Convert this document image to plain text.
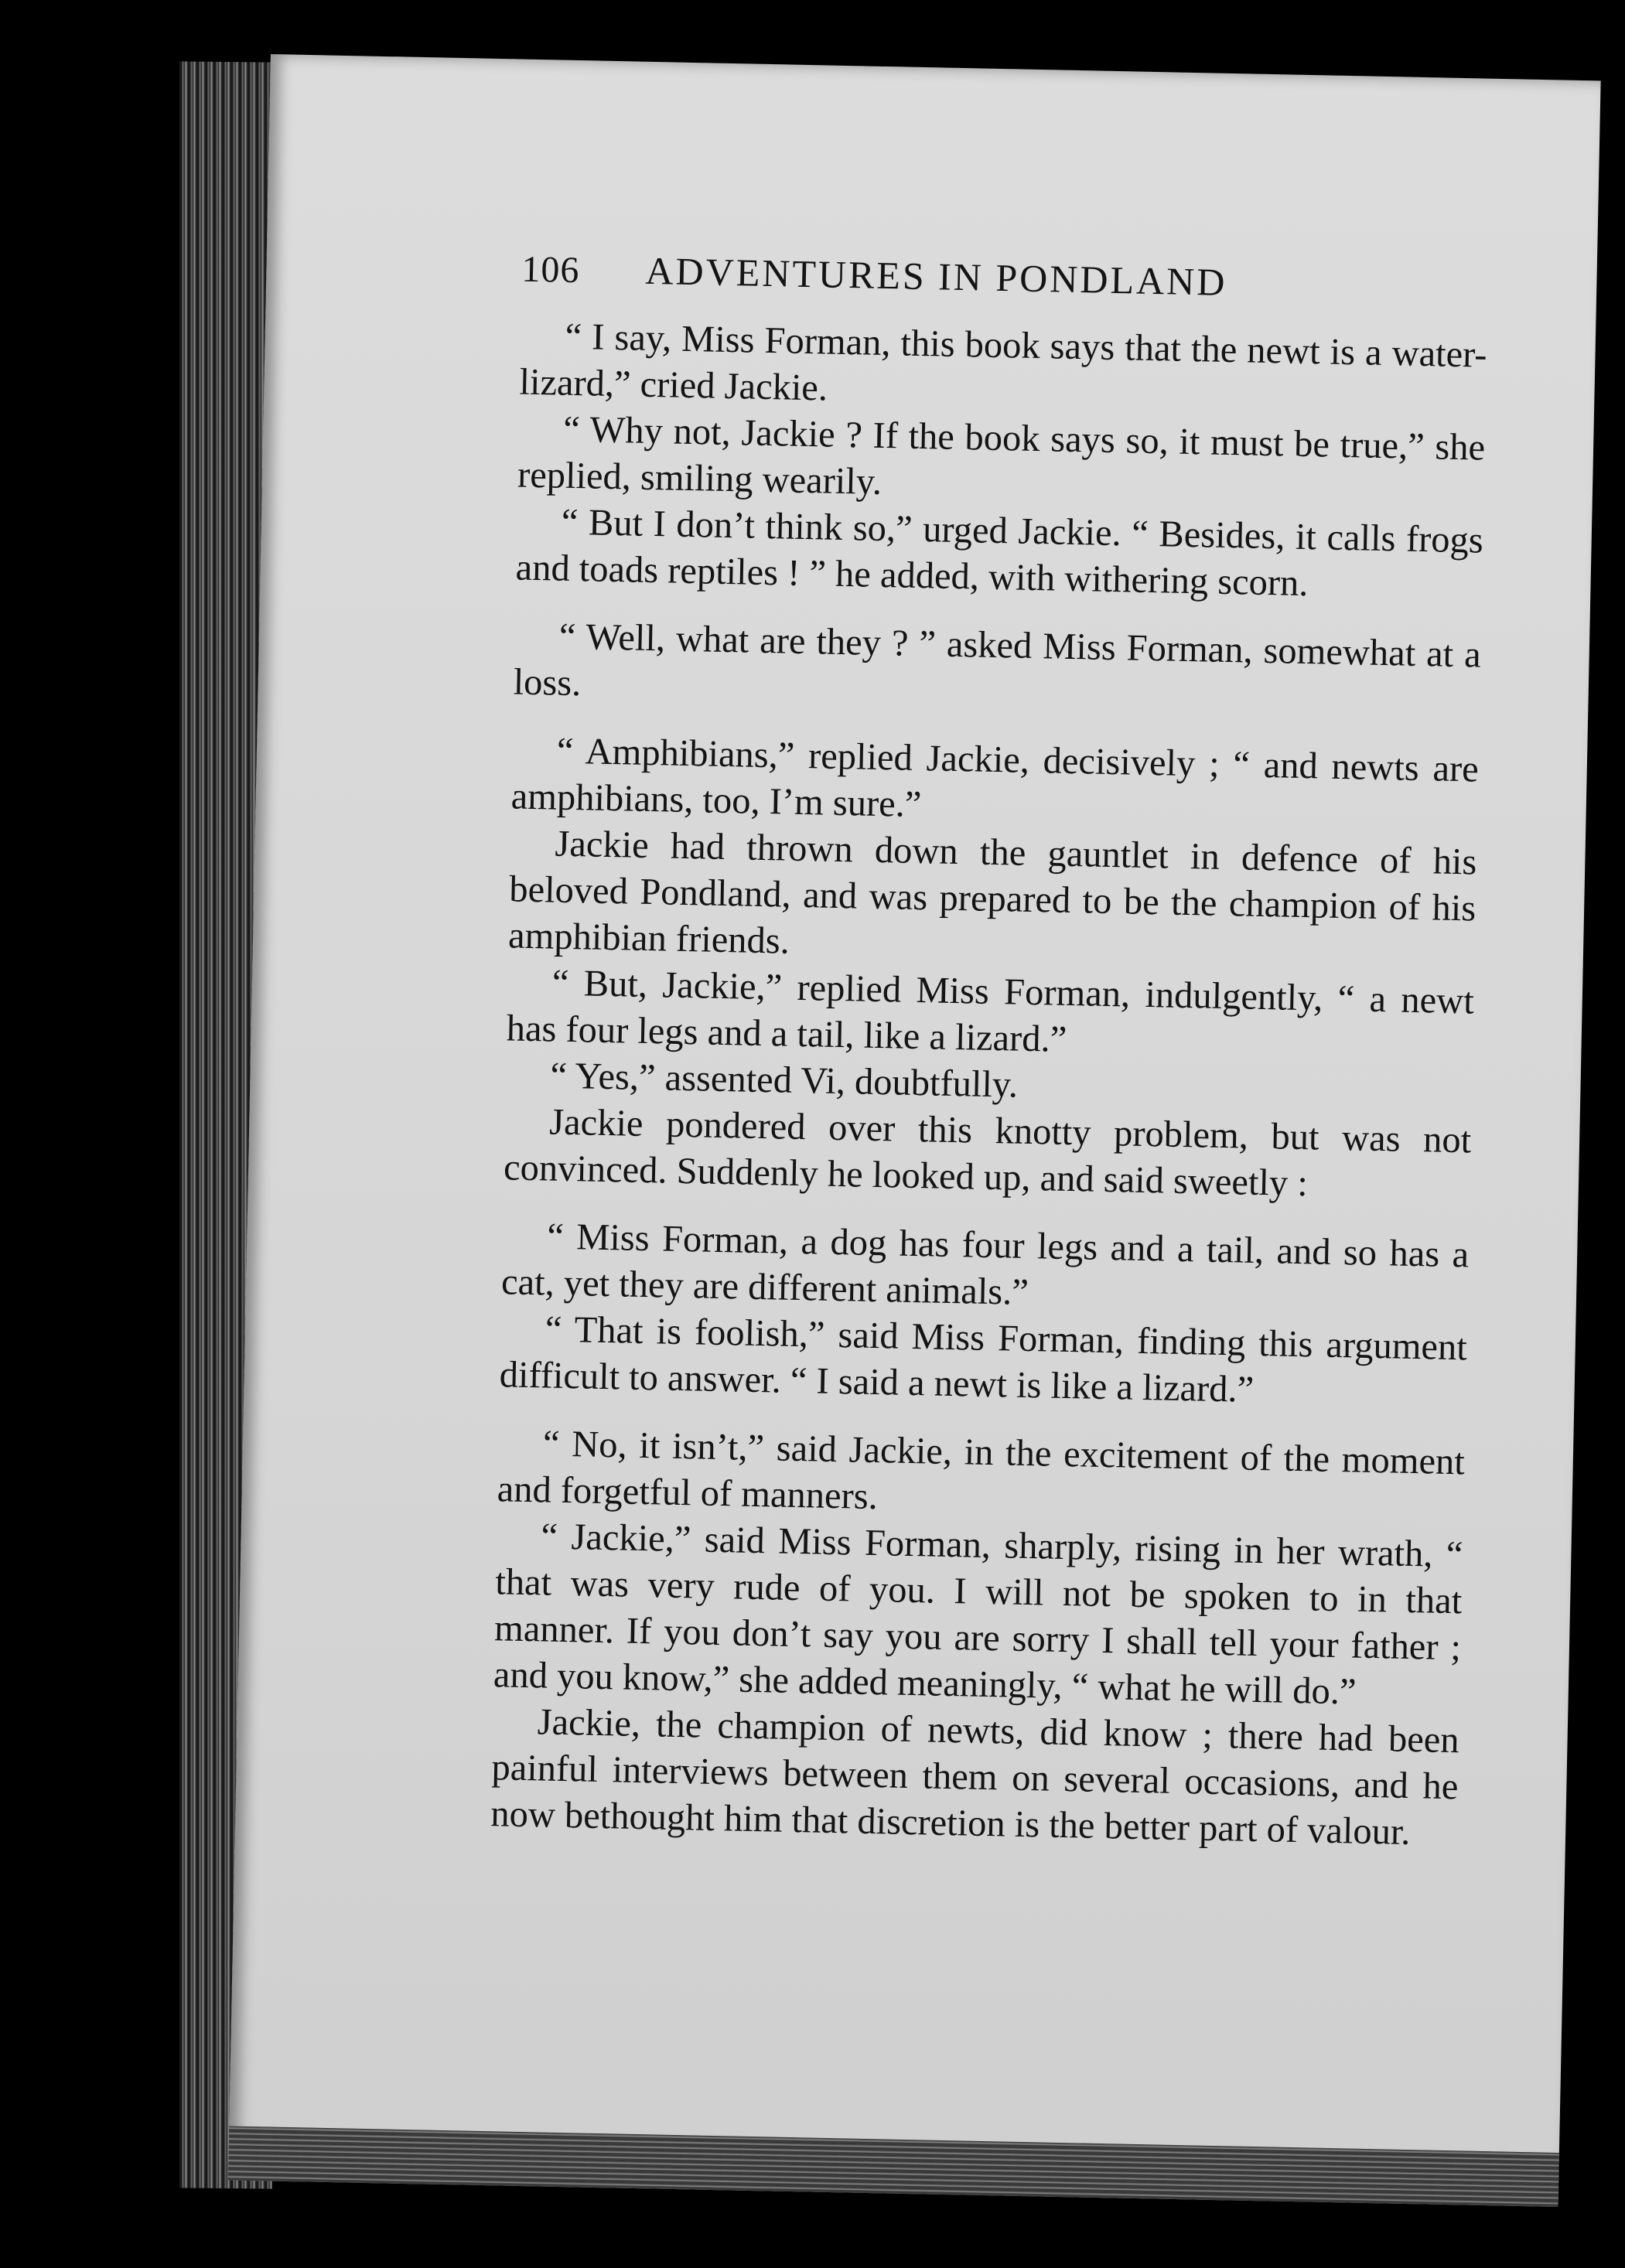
106	ADVENTURES IN PONDLAND

“ I say, Miss Forman, this book says that the newt is a water-lizard,” cried Jackie.

“ Why not, Jackie ? If the book says so, it must be true,” she replied, smiling wearily.

“ But I don’t think so,” urged Jackie. “ Besides, it calls frogs and toads reptiles ! ” he added, with withering scorn.

“ Well, what are they ? ” asked Miss Forman, somewhat at a loss.

“ Amphibians,” replied Jackie, decisively ; “ and newts are amphibians, too, I’m sure.”

Jackie had thrown down the gauntlet in defence of his beloved Pondland, and was prepared to be the champion of his amphibian friends.

“ But, Jackie,” replied Miss Forman, indulgently, “ a newt has four legs and a tail, like a lizard.”

“ Yes,” assented Vi, doubtfully.

Jackie pondered over this knotty problem, but was not convinced. Suddenly he looked up, and said sweetly :

“ Miss Forman, a dog has four legs and a tail, and so has a cat, yet they are different animals.”

“ That is foolish,” said Miss Forman, finding this argument difficult to answer. “ I said a newt is like a lizard.”

“ No, it isn’t,” said Jackie, in the excitement of the moment and forgetful of manners.

“ Jackie,” said Miss Forman, sharply, rising in her wrath, “ that was very rude of you. I will not be spoken to in that manner. If you don’t say you are sorry I shall tell your father ; and you know,” she added meaningly, “ what he will do.”

Jackie, the champion of newts, did know ; there had been painful interviews between them on several occasions, and he now bethought him that discretion is the better part of valour.
